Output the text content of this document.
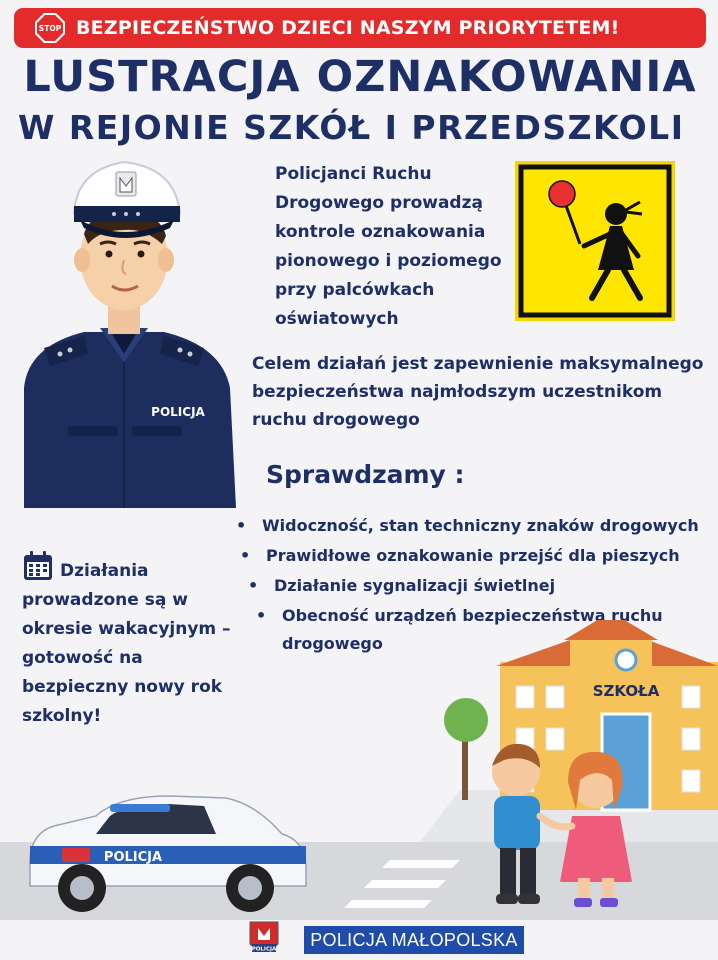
STOP BEZPIECZEŃSTWO DZIECI NASZYM PRIORYTETEM!
LUSTRACJA OZNAKOWANIA
W REJONIE SZKÓŁ I PRZEDSZKOLI
POLICJA
Policjanci Ruchu
Drogowego prowadzą
kontrole oznakowania
pionowego i poziomego
przy palcówkach
oświatowych
Celem działań jest zapewnienie maksymalnego
bezpieczeństwa najmłodszym uczestnikom
ruchu drogowego
Sprawdzamy :
• Widoczność, stan techniczny znaków drogowych
• Prawidłowe oznakowanie przejść dla pieszych
• Działanie sygnalizacji świetlnej
• Obecność urządzeń bezpieczeństwa ruchu
drogowego
Działania
prowadzone są w
okresie wakacyjnym –
gotowość na
bezpieczny nowy rok
szkolny!
SZKOŁA
POLICJA
POLICJA	POLICJA MAŁOPOLSKA
